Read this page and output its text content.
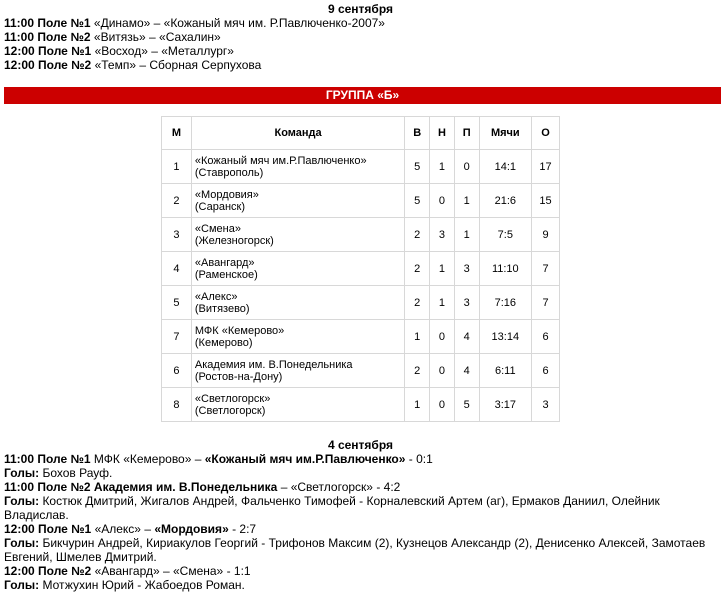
9 сентября
11:00 Поле №1 «Динамо» – «Кожаный мяч им. Р.Павлюченко-2007»
11:00 Поле №2 «Витязь» – «Сахалин»
12:00 Поле №1 «Восход» – «Металлург»
12:00 Поле №2 «Темп» – Сборная Серпухова
ГРУППА «Б»
М	Команда	В	Н	П	Мячи	О
1	«Кожаный мяч им.Р.Павлюченко»
(Ставрополь)	5	1	0	14:1	17
2	«Мордовия»
(Саранск)	5	0	1	21:6	15
3	«Смена»
(Железногорск)	2	3	1	7:5	9
4	«Авангард»
(Раменское)	2	1	3	11:10	7
5	«Алекс»
(Витязево)	2	1	3	7:16	7
7	МФК «Кемерово»
(Кемерово)	1	0	4	13:14	6
6	Академия им. В.Понедельника
(Ростов-на-Дону)	2	0	4	6:11	6
8	«Светлогорск»
(Светлогорск)	1	0	5	3:17	3
4 сентября
11:00 Поле №1 МФК «Кемерово» – «Кожаный мяч им.Р.Павлюченко» - 0:1
Голы: Бохов Рауф.
11:00 Поле №2 Академия им. В.Понедельника – «Светлогорск» - 4:2
Голы: Костюк Дмитрий, Жигалов Андрей, Фальченко Тимофей - Корналевский Артем (аг), Ермаков Даниил, Олейник Владислав.
12:00 Поле №1 «Алекс» – «Мордовия» - 2:7
Голы: Бикчурин Андрей, Кириакулов Георгий - Трифонов Максим (2), Кузнецов Александр (2), Денисенко Алексей, Замотаев Евгений, Шмелев Дмитрий.
12:00 Поле №2 «Авангард» – «Смена» - 1:1
Голы: Мотжухин Юрий - Жабоедов Роман.
